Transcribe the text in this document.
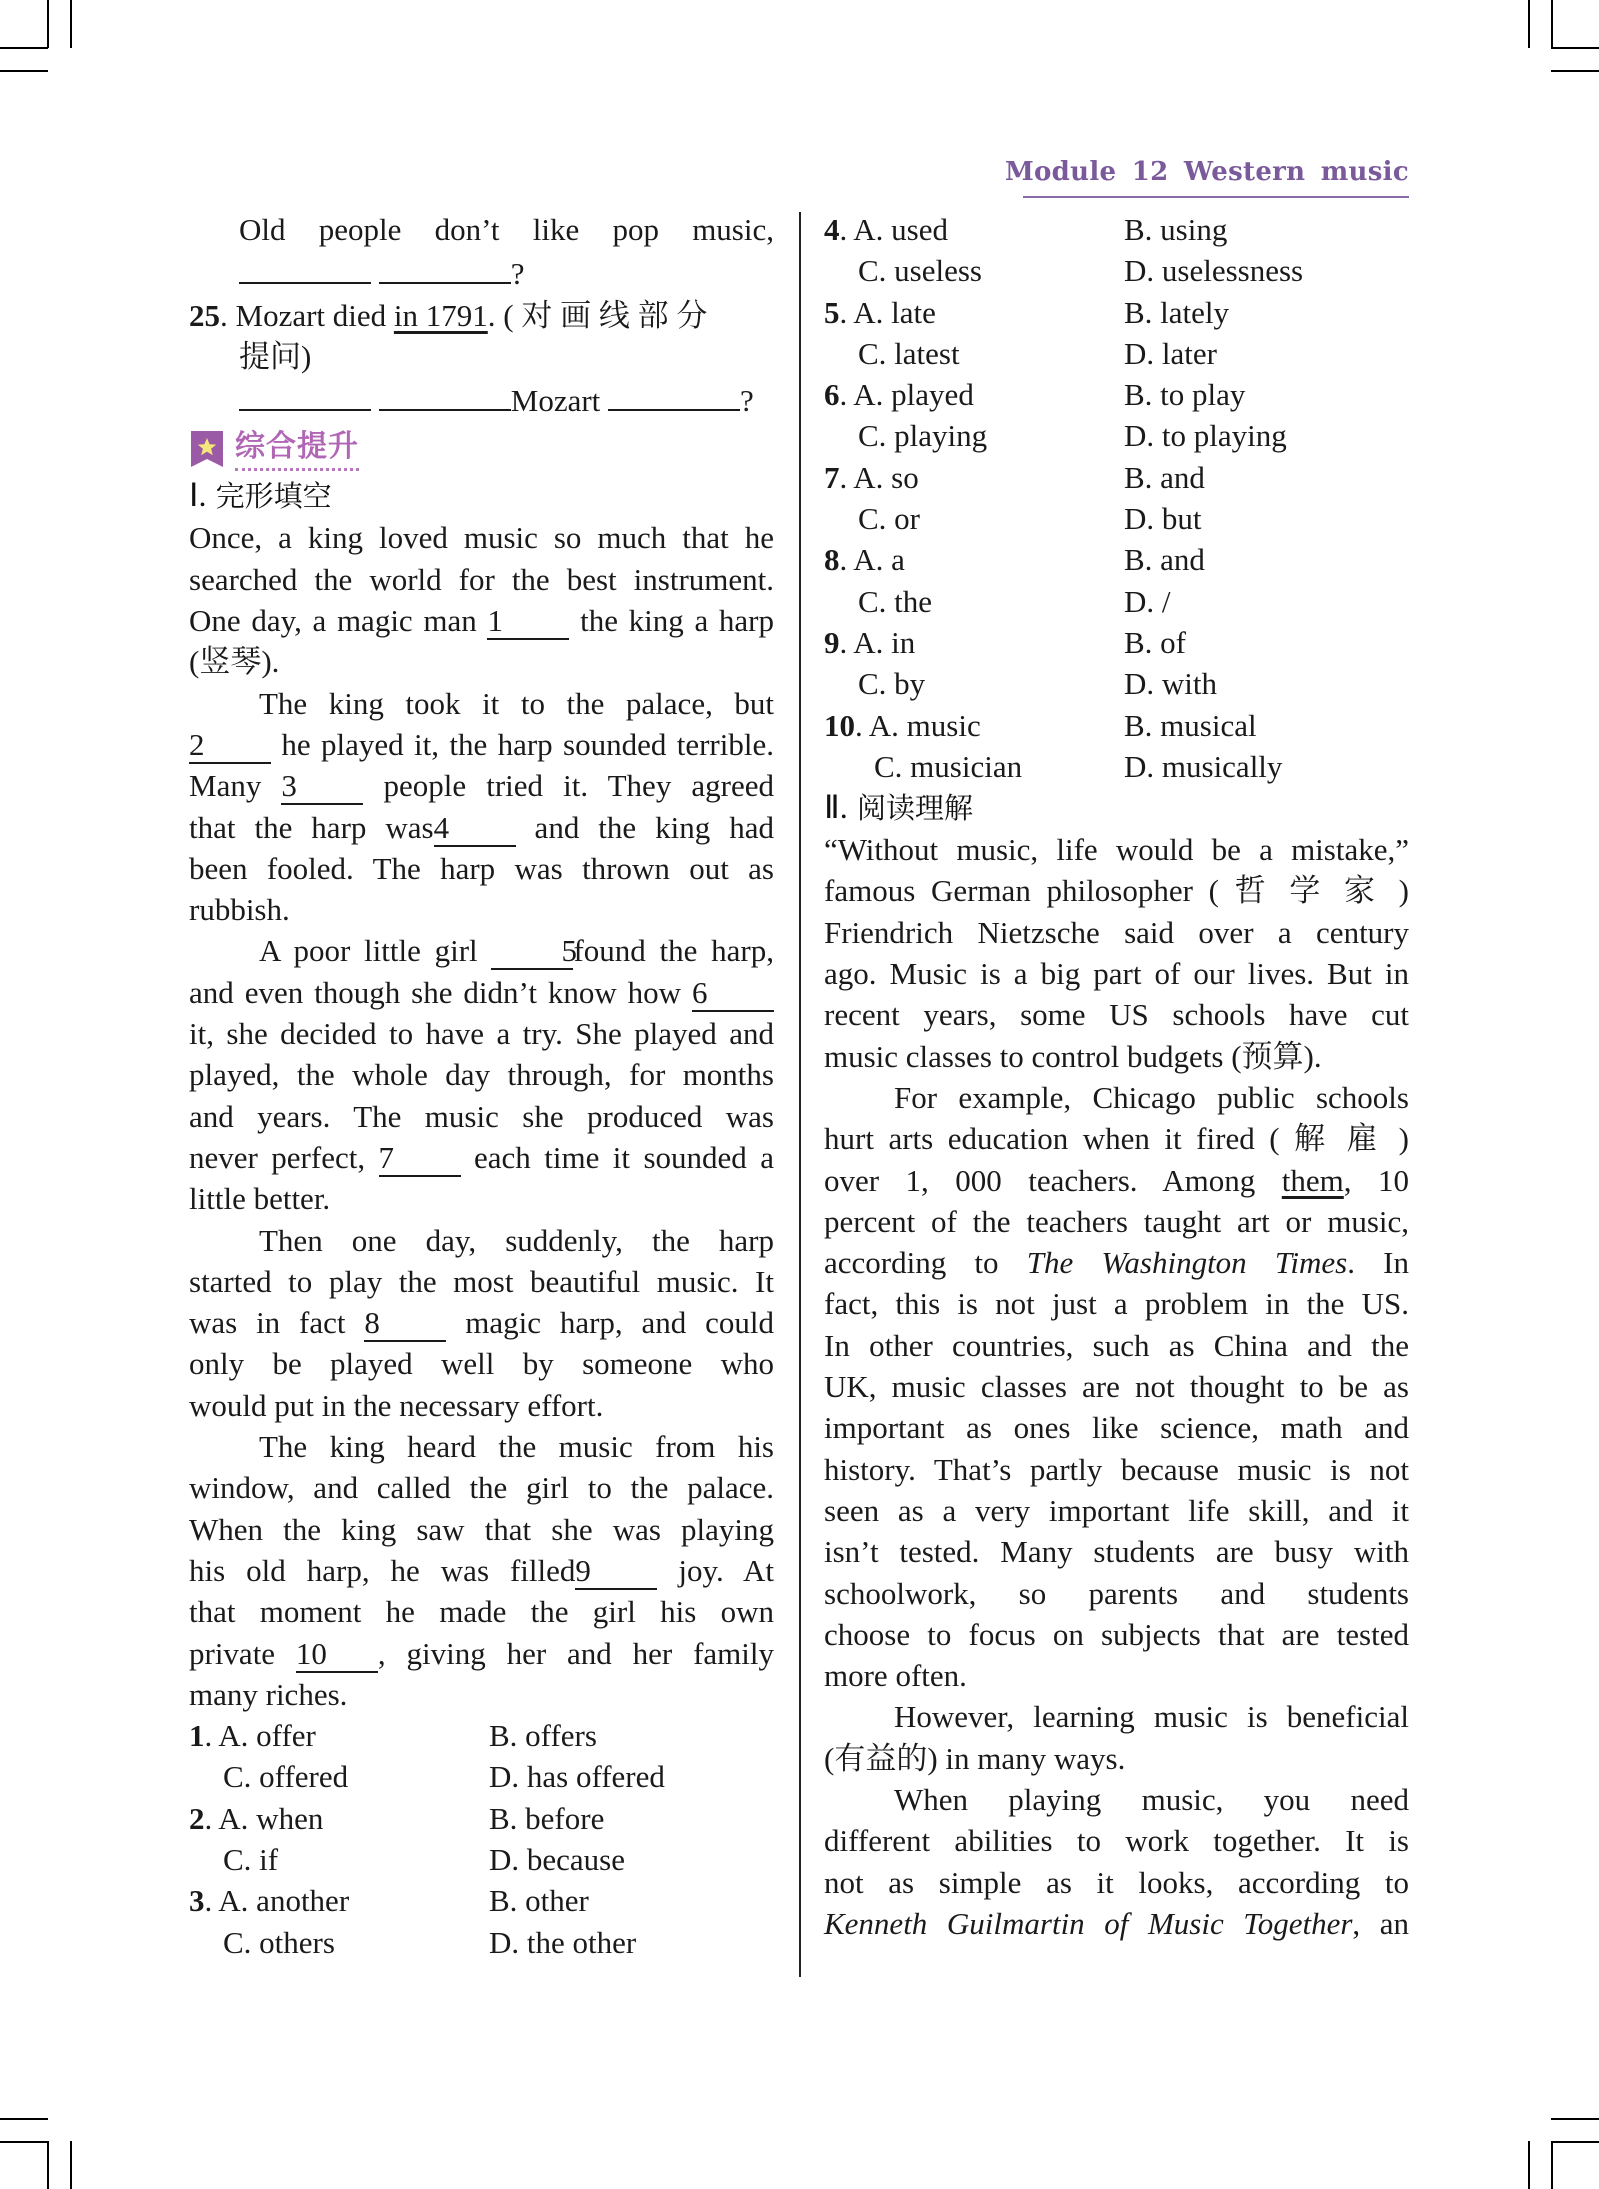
Module 12 Western music
Old people don’t like pop music,
?
25. Mozart died in 1791. ( 对 画 线 部 分
提问)
Mozart	?
综合提升
Ⅰ. 完形填空
Once, a king loved music so much that he
searched the world for the best instrument.
One day, a magic man 1 the king a harp
(竖琴).
The king took it to the palace, but
2 he played it, the harp sounded terrible.
Many 3 people tried it. They agreed
that the harp was4 and the king had
been fooled. The harp was thrown out as
rubbish.
A poor little girl 5found the harp,
and even though she didn’t know how 6
it, she decided to have a try. She played and
played, the whole day through, for months
and years. The music she produced was
never perfect, 7 each time it sounded a
little better.
Then one day, suddenly, the harp
started to play the most beautiful music. It
was in fact 8 magic harp, and could
only be played well by someone who
would put in the necessary effort.
The king heard the music from his
window, and called the girl to the palace.
When the king saw that she was playing
his old harp, he was filled9 joy. At
that moment he made the girl his own
private 10 , giving her and her family
many riches.
1. A. offer	B. offers
C. offered	D. has offered
2. A. when	B. before
C. if	D. because
3. A. another	B. other
C. others	D. the other
4. A. used	B. using
C. useless	D. uselessness
5. A. late	B. lately
C. latest	D. later
6. A. played	B. to play
C. playing	D. to playing
7. A. so	B. and
C. or	D. but
8. A. a	B. and
C. the	D. /
9. A. in	B. of
C. by	D. with
10. A. music	B. musical
C. musician	D. musically
Ⅱ. 阅读理解
“Without music, life would be a mistake,”
famous German philosopher ( 哲 学 家 )
Friendrich Nietzsche said over a century
ago. Music is a big part of our lives. But in
recent years, some US schools have cut
music classes to control budgets (预算).
For example, Chicago public schools
hurt arts education when it fired ( 解 雇 )
over 1, 000 teachers. Among them, 10
percent of the teachers taught art or music,
according to The Washington Times. In
fact, this is not just a problem in the US.
In other countries, such as China and the
UK, music classes are not thought to be as
important as ones like science, math and
history. That’s partly because music is not
seen as a very important life skill, and it
isn’t tested. Many students are busy with
schoolwork, so parents and students
choose to focus on subjects that are tested
more often.
However, learning music is beneficial
(有益的) in many ways.
When playing music, you need
different abilities to work together. It is
not as simple as it looks, according to
Kenneth Guilmartin of Music Together, an
